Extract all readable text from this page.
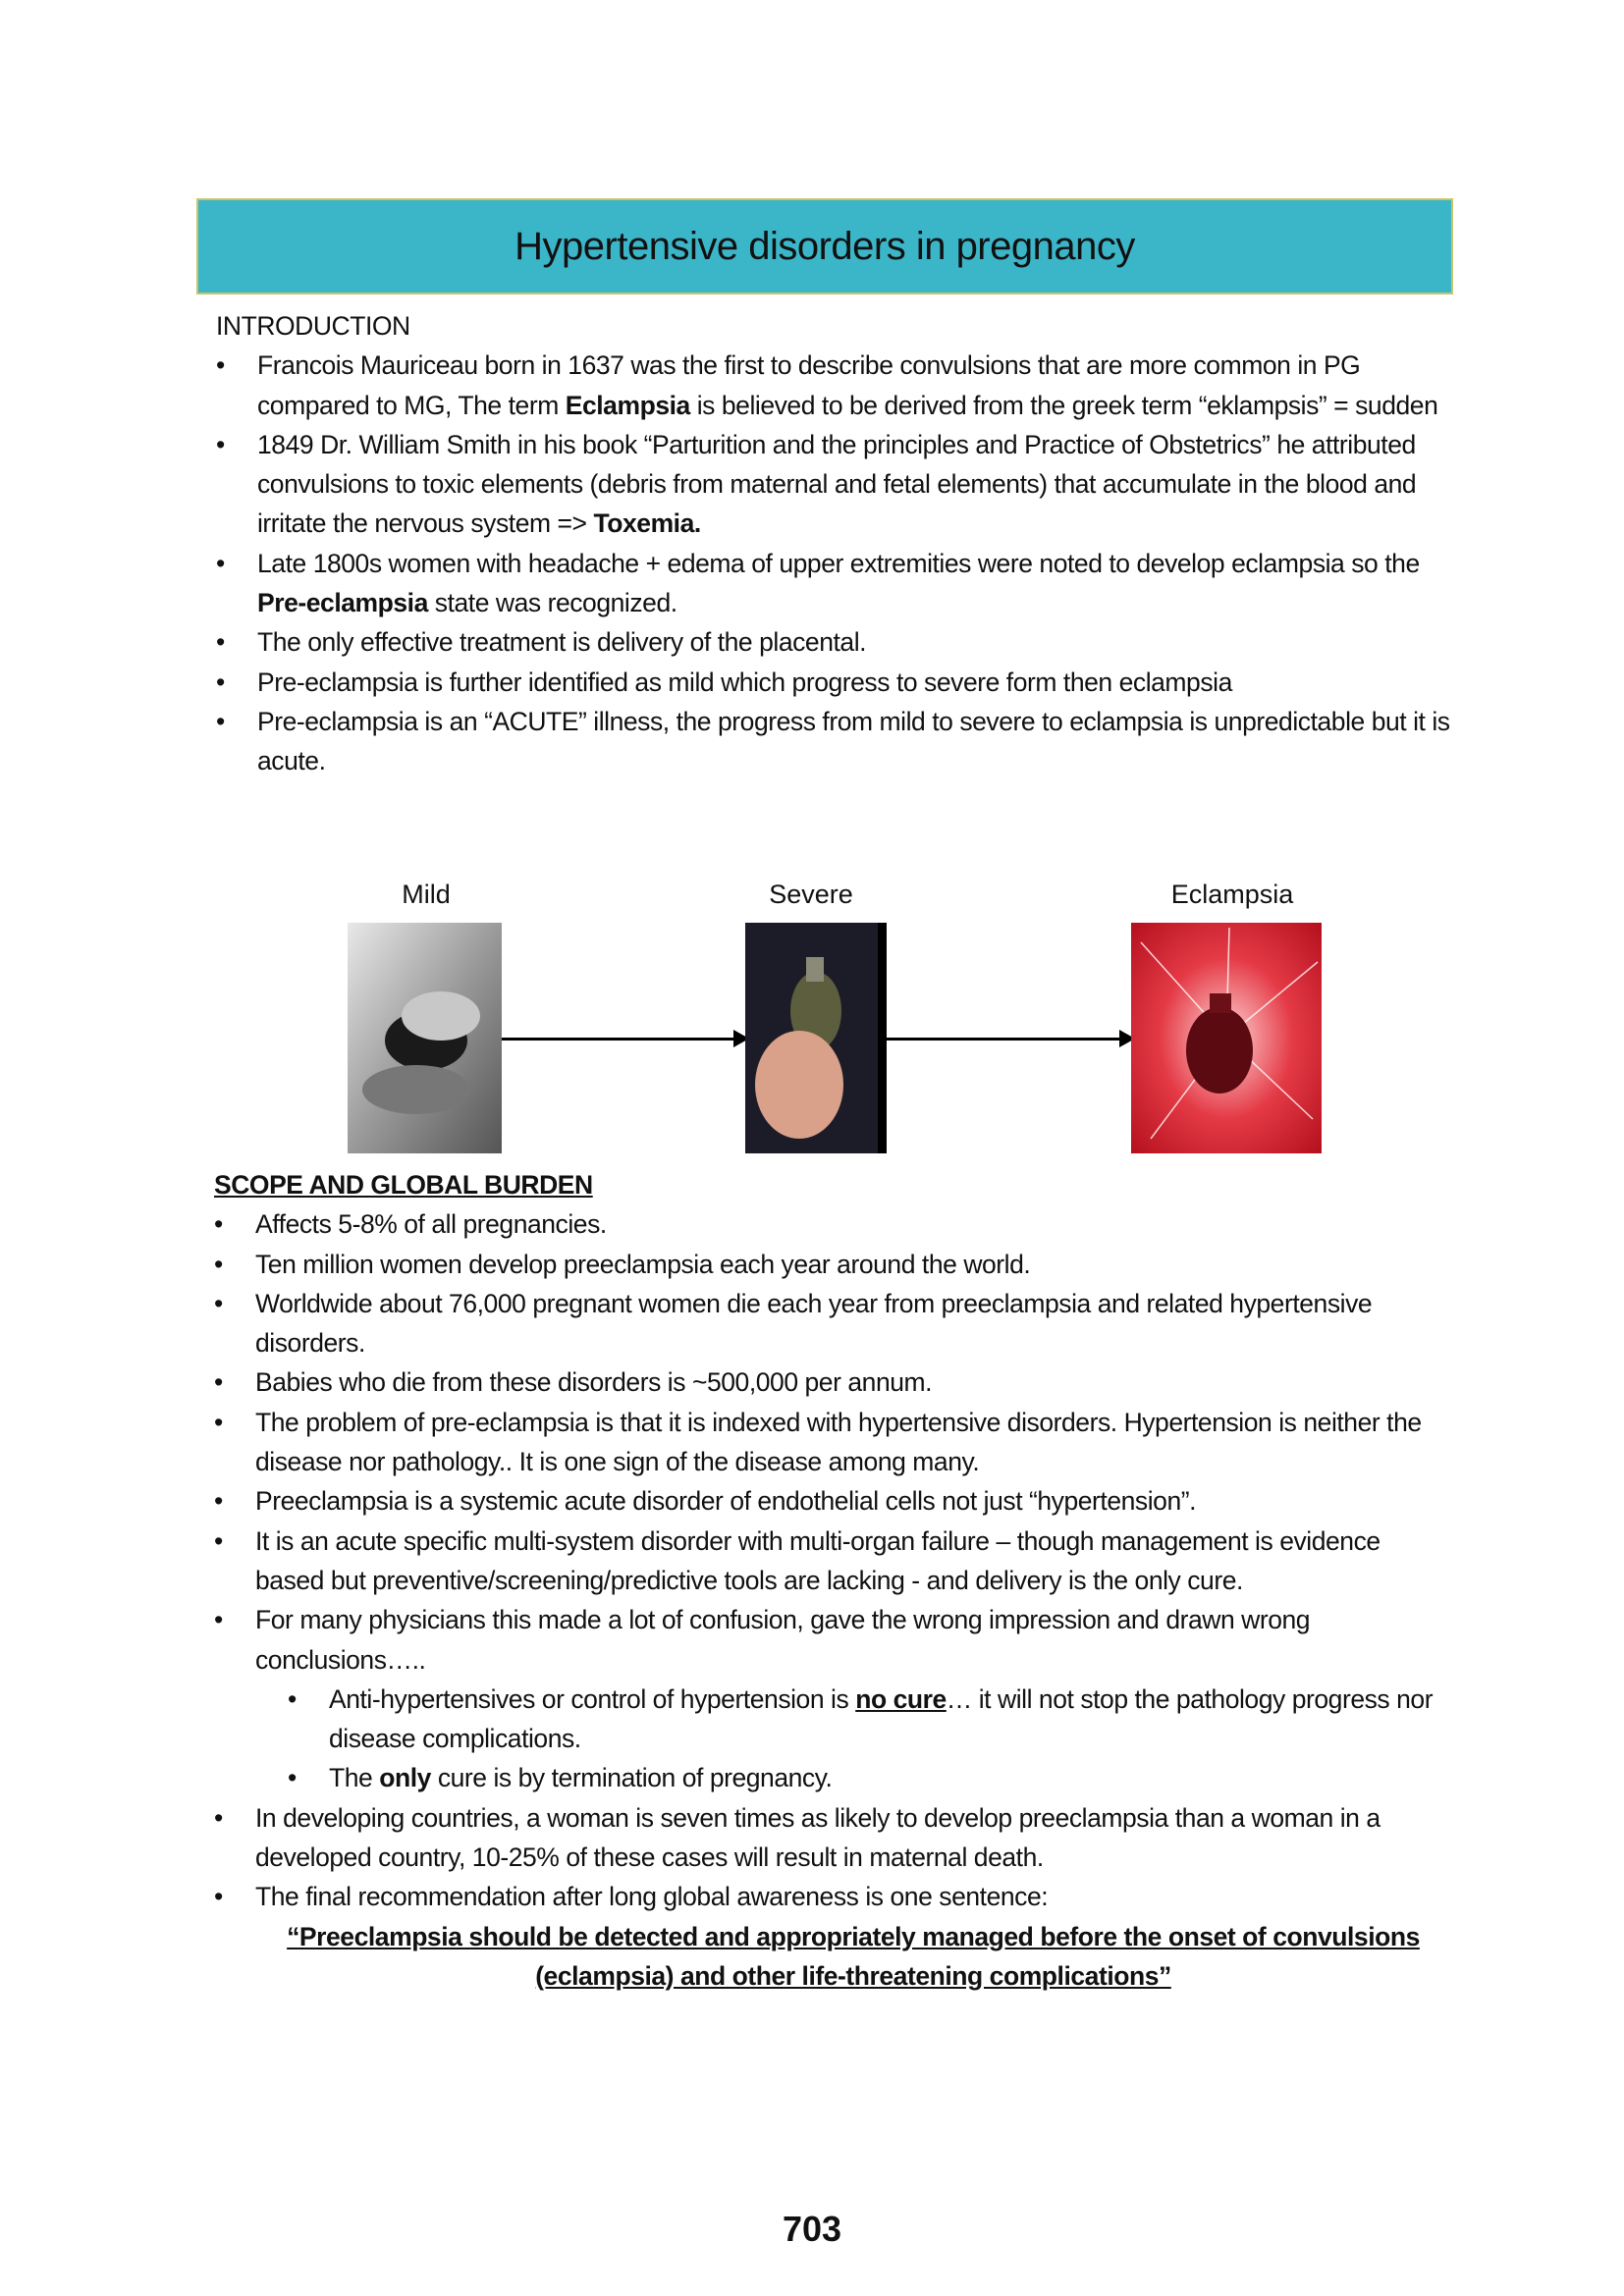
Hypertensive disorders in pregnancy
INTRODUCTION
• Francois Mauriceau born in 1637 was the first to describe convulsions that are more common in PG compared to MG, The term Eclampsia is believed to be derived from the greek term “eklampsis” = sudden
• 1849 Dr. William Smith in his book “Parturition and the principles and Practice of Obstetrics” he attributed convulsions to toxic elements (debris from maternal and fetal elements) that accumulate in the blood and irritate the nervous system => Toxemia.
• Late 1800s women with headache + edema of upper extremities were noted to develop eclampsia so the Pre-eclampsia state was recognized.
• The only effective treatment is delivery of the placental.
• Pre-eclampsia is further identified as mild which progress to severe form then eclampsia
• Pre-eclampsia is an “ACUTE” illness, the progress from mild to severe to eclampsia is unpredictable but it is acute.
Mild	Severe	Eclampsia
SCOPE AND GLOBAL BURDEN
• Affects 5-8% of all pregnancies.
• Ten million women develop preeclampsia each year around the world.
• Worldwide about 76,000 pregnant women die each year from preeclampsia and related hypertensive disorders.
• Babies who die from these disorders is ~500,000 per annum.
• The problem of pre-eclampsia is that it is indexed with hypertensive disorders. Hypertension is neither the disease nor pathology.. It is one sign of the disease among many.
• Preeclampsia is a systemic acute disorder of endothelial cells not just “hypertension”.
• It is an acute specific multi-system disorder with multi-organ failure – though management is evidence based but preventive/screening/predictive tools are lacking - and delivery is the only cure.
• For many physicians this made a lot of confusion, gave the wrong impression and drawn wrong conclusions…..
• Anti-hypertensives or control of hypertension is no cure… it will not stop the pathology progress nor disease complications.
• The only cure is by termination of pregnancy.
• In developing countries, a woman is seven times as likely to develop preeclampsia than a woman in a developed country, 10-25% of these cases will result in maternal death.
• The final recommendation after long global awareness is one sentence:
“Preeclampsia should be detected and appropriately managed before the onset of convulsions (eclampsia) and other life-threatening complications”
703
